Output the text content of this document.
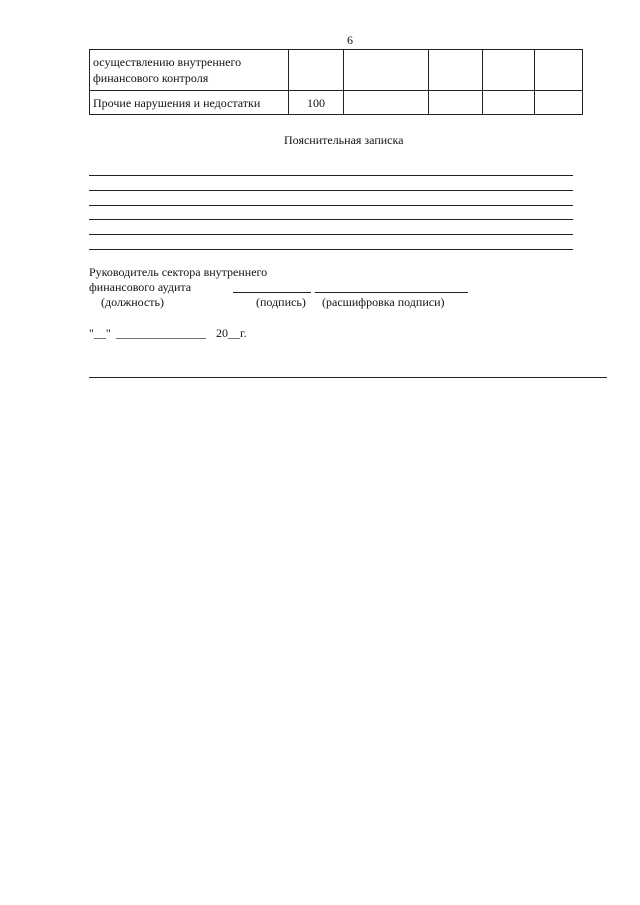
6
осуществлению внутреннего финансового контроля					
Прочие нарушения и недостатки	100				
Пояснительная записка
Руководитель сектора внутреннего
финансового аудита
(должность)	(подпись) (расшифровка подписи)
"__" _______________ 20__г.
